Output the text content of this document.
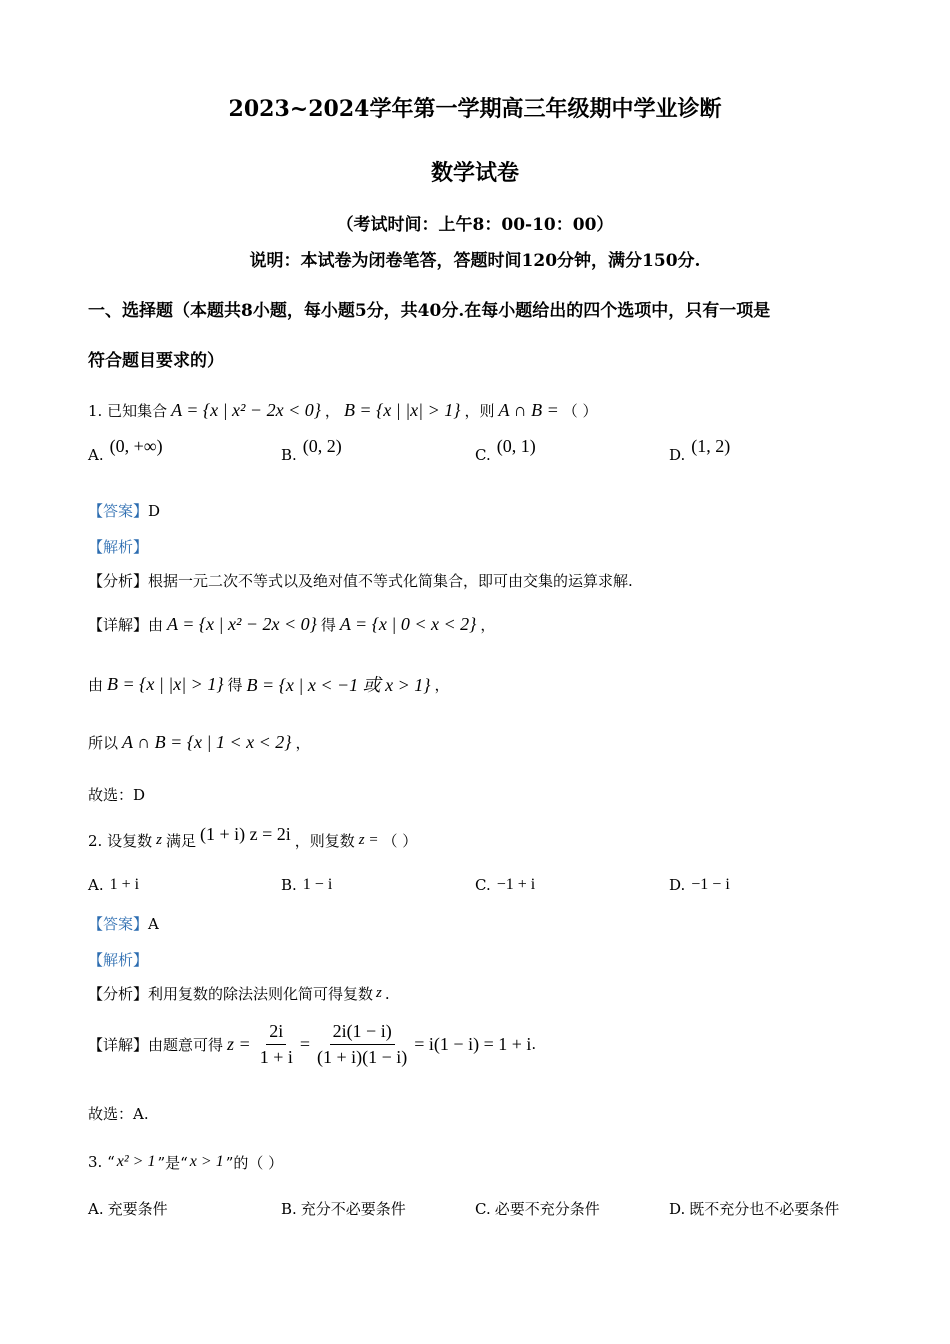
2023~2024学年第一学期高三年级期中学业诊断
数学试卷
（考试时间：上午8：00-10：00）
说明：本试卷为闭卷笔答，答题时间120分钟，满分150分.
一、选择题（本题共8小题，每小题5分，共40分.在每小题给出的四个选项中，只有一项是
符合题目要求的）
1. 已知集合 A = {x | x² − 2x < 0} ， B = {x | |x| > 1} ，则 A ∩ B = （ ）
A. (0, +∞)	B. (0, 2)	C. (0, 1)	D. (1, 2)
【答案】 D
【解析】
【分析】 根据一元二次不等式以及绝对值不等式化简集合，即可由交集的运算求解.
【详解】 由 A = {x | x² − 2x < 0} 得 A = {x | 0 < x < 2} ，
由 B = {x | |x| > 1} 得 B = {x | x < −1 或 x > 1} ，
所以 A ∩ B = {x | 1 < x < 2} ，
故选：D
2. 设复数 z 满足 (1 + i) z = 2i ，则复数 z = （ ）
A. 1 + i	B. 1 − i	C. −1 + i	D. −1 − i
【答案】 A
【解析】
【分析】 利用复数的除法法则化简可得复数 z .
【详解】 由题意可得 $z = \frac{2i}{1 + i} = \frac{2i(1 - i)}{(1 + i)(1 - i)} = i(1 - i) = 1 + i$ .
故选：A.
3. “ x² > 1 ”是“ x > 1 ”的（ ）
A. 充要条件	B. 充分不必要条件	C. 必要不充分条件	D. 既不充分也不必要条件
